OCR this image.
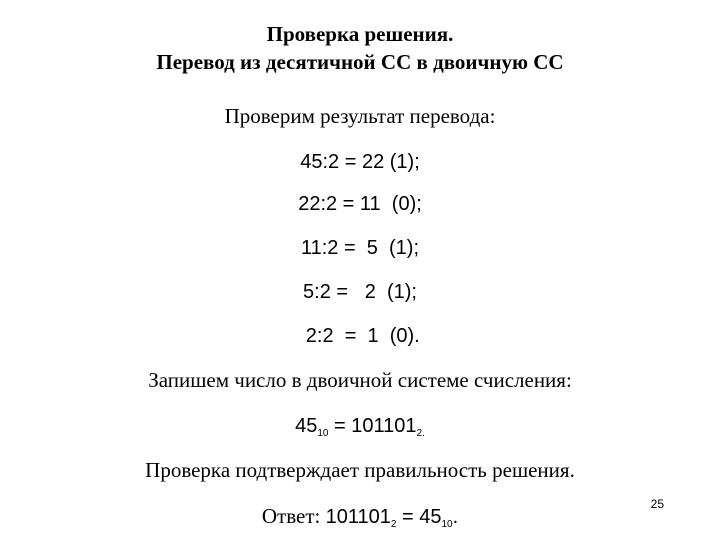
Проверка решения.
Перевод из десятичной СС в двоичную СС
Проверим результат перевода:
45:2 = 22 (1);
22:2 = 11  (0);
11:2 =  5  (1);
5:2 =   2  (1);
2:2  =  1  (0).
Запишем число в двоичной системе счисления:
$45_{10} = 101101_{2.}$
Проверка подтверждает правильность решения.
Ответ: $101101_2 = 45_{10}$.
25
